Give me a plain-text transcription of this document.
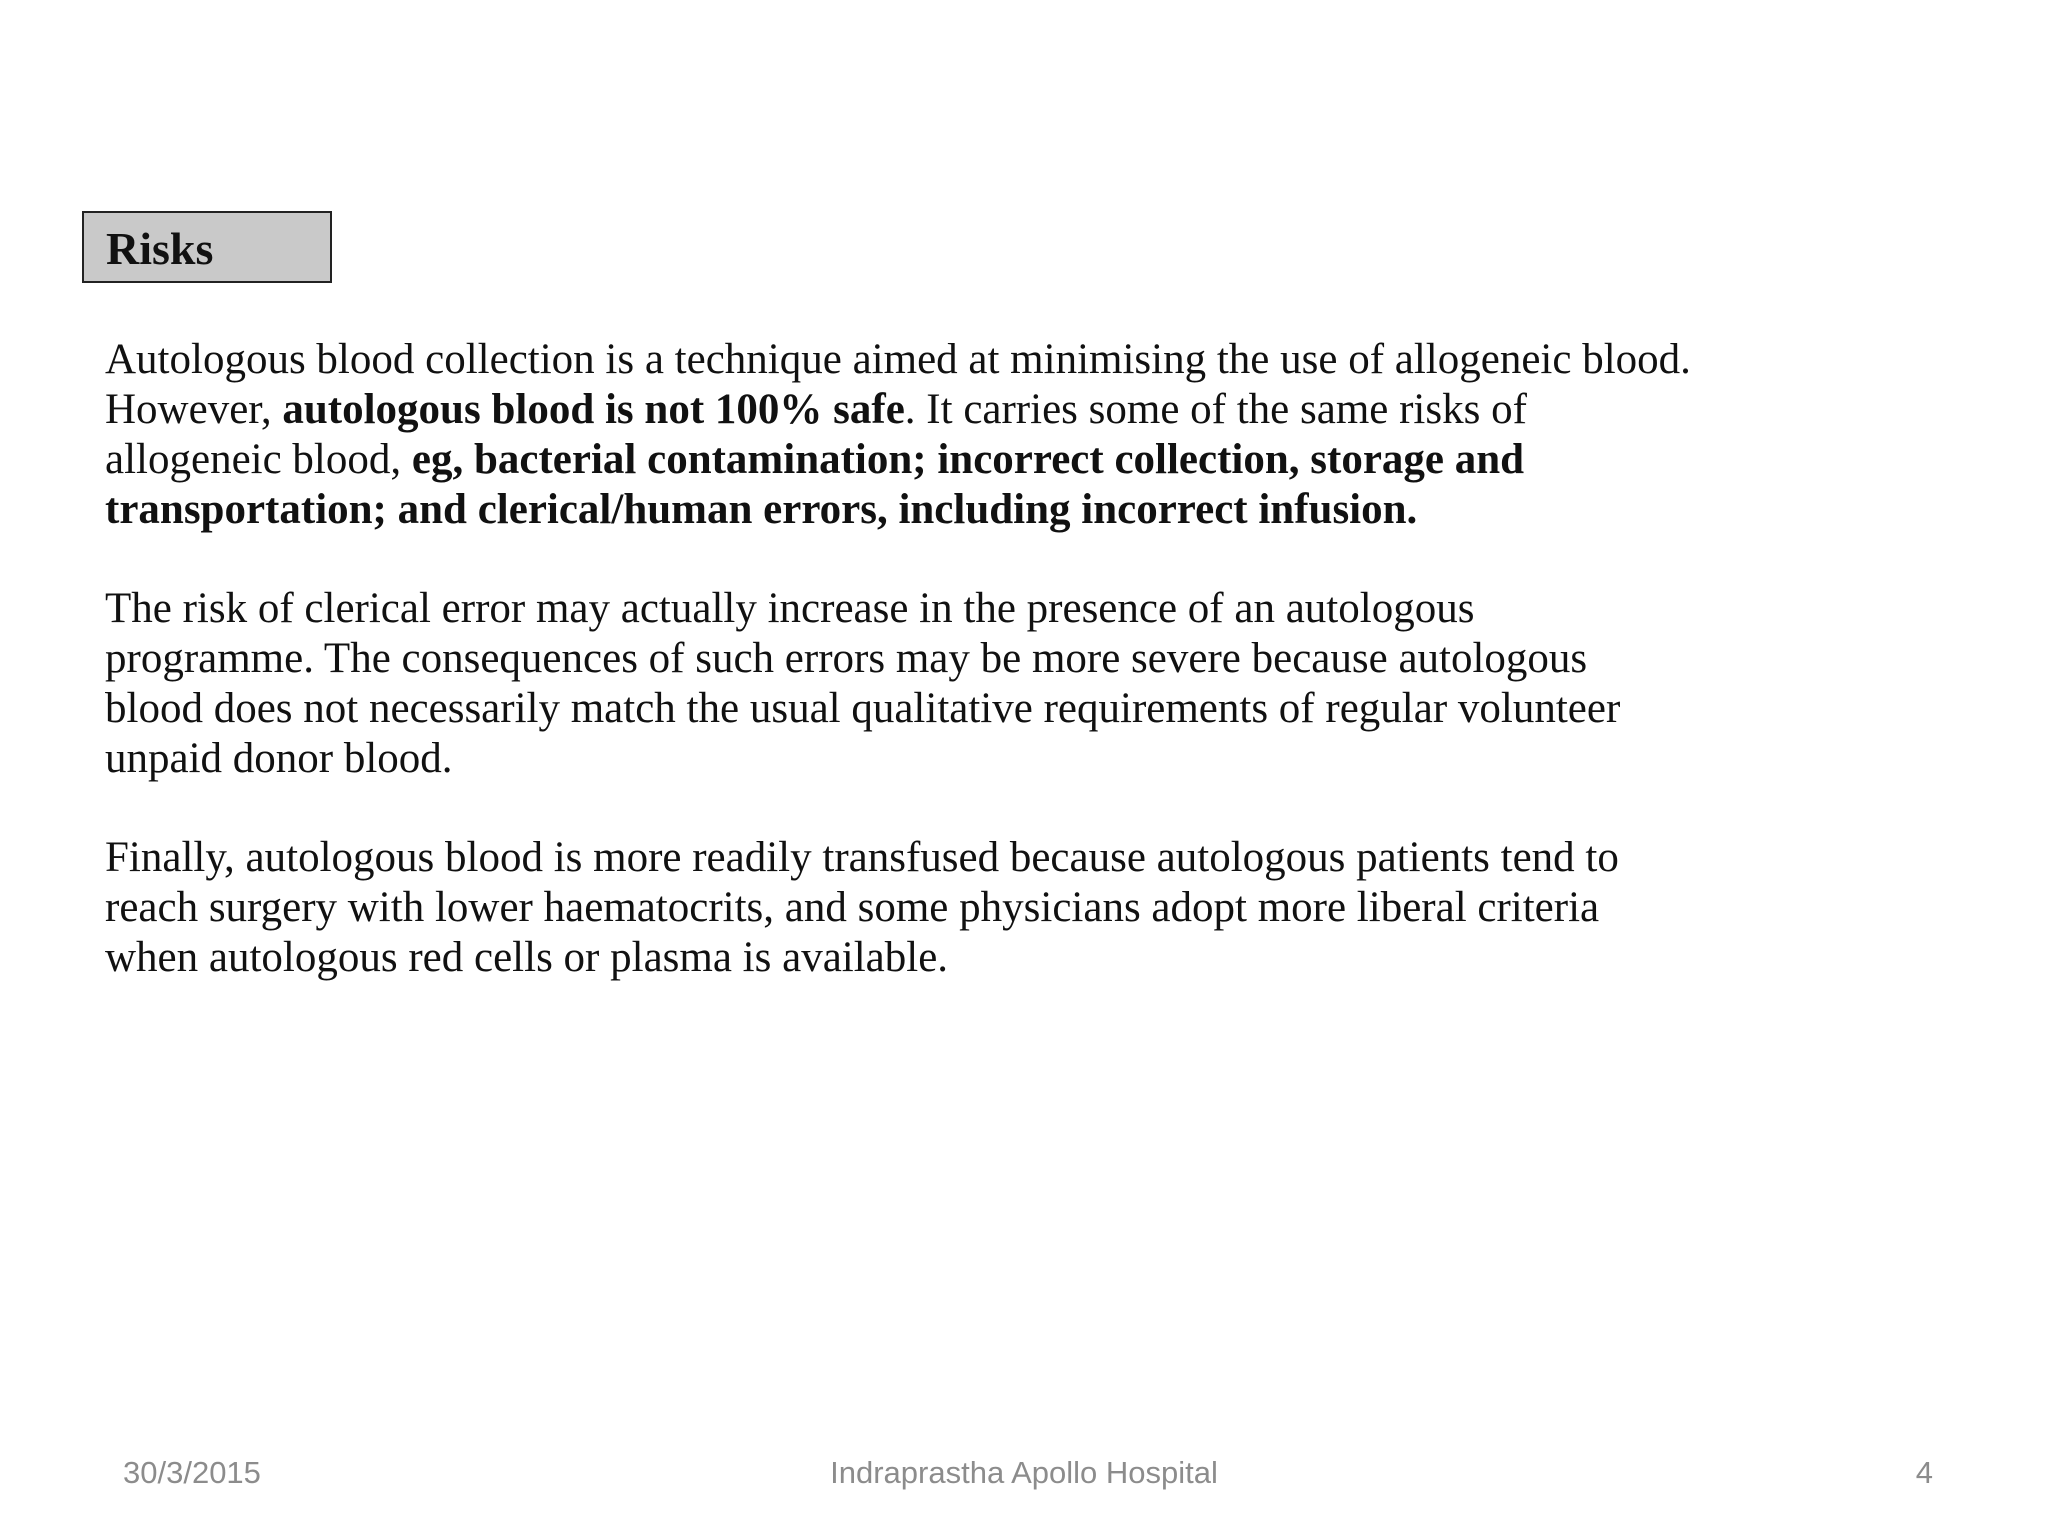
Risks

Autologous blood collection is a technique aimed at minimising the use of allogeneic blood.
However, autologous blood is not 100% safe. It carries some of the same risks of
allogeneic blood, eg, bacterial contamination; incorrect collection, storage and
transportation; and clerical/human errors, including incorrect infusion.

The risk of clerical error may actually increase in the presence of an autologous
programme. The consequences of such errors may be more severe because autologous
blood does not necessarily match the usual qualitative requirements of regular volunteer
unpaid donor blood.

Finally, autologous blood is more readily transfused because autologous patients tend to
reach surgery with lower haematocrits, and some physicians adopt more liberal criteria
when autologous red cells or plasma is available.

30/3/2015	Indraprastha Apollo Hospital	4
